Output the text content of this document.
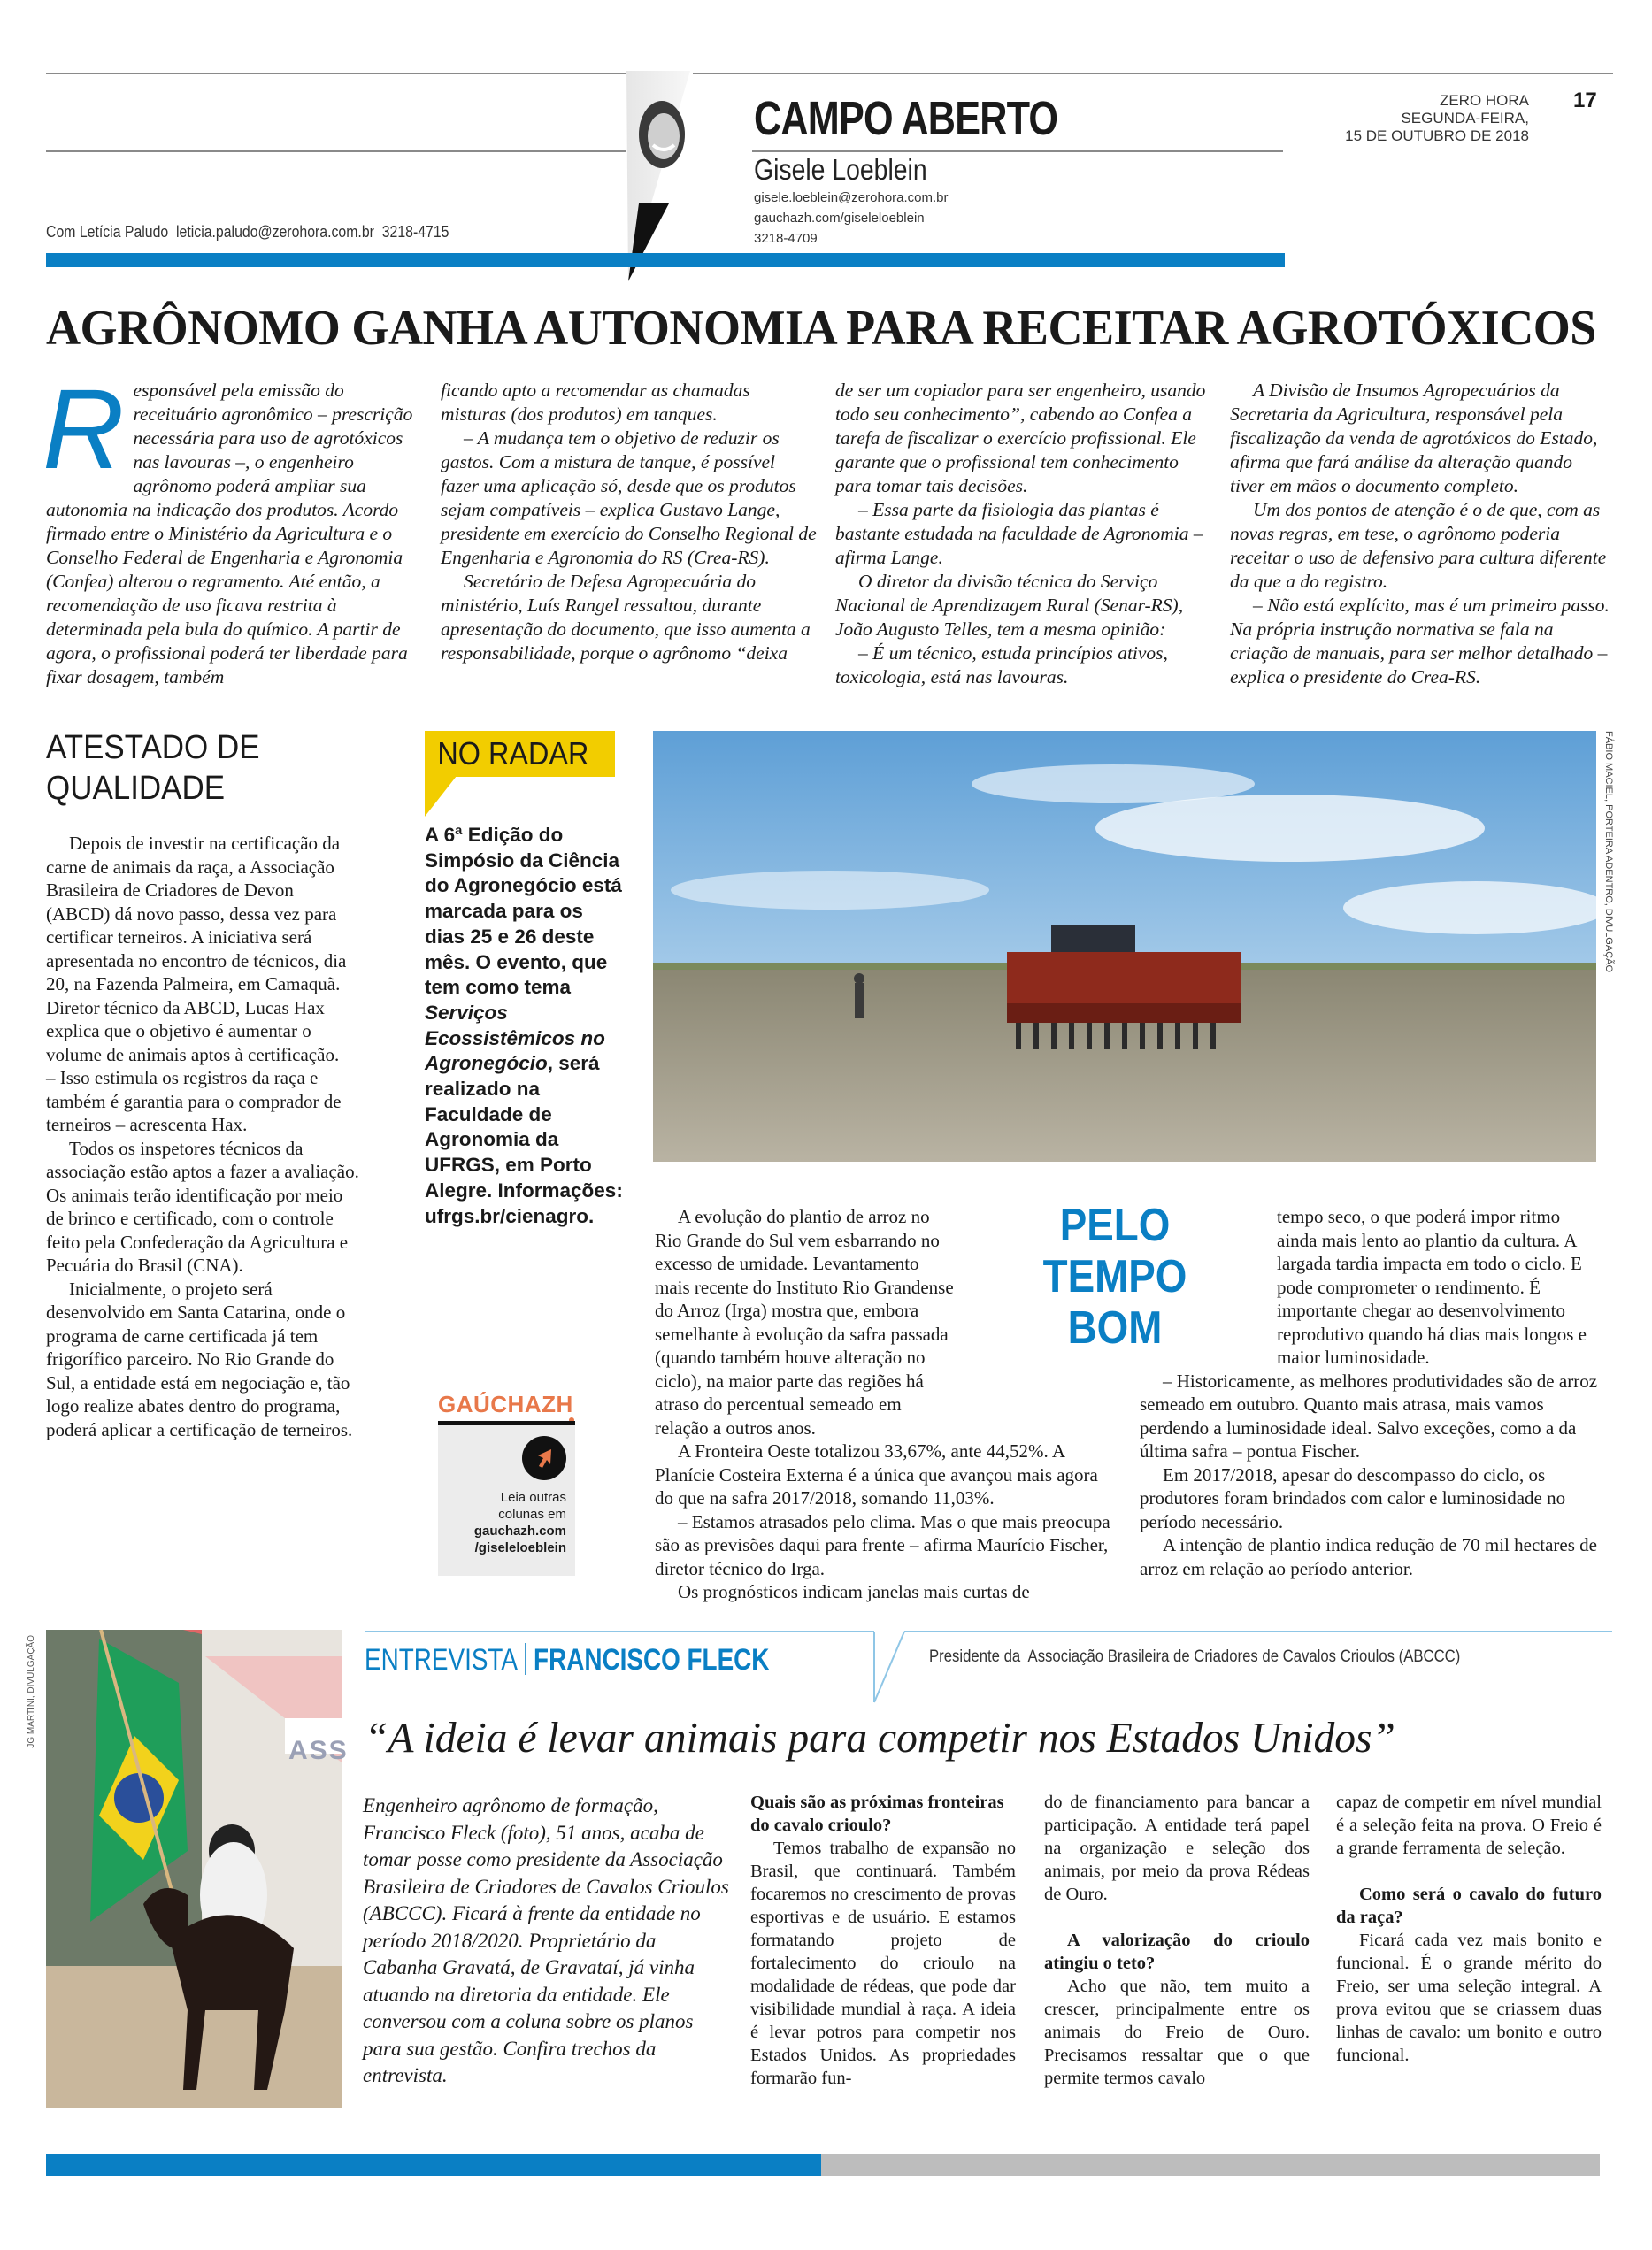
CAMPO ABERTO
Gisele Loeblein
gisele.loeblein@zerohora.com.br
gauchazh.com/giseleloeblein
3218-4709
Com Letícia Paludo  leticia.paludo@zerohora.com.br  3218-4715
ZERO HORA
SEGUNDA-FEIRA,
15 DE OUTUBRO DE 2018
17
AGRÔNOMO GANHA AUTONOMIA PARA RECEITAR AGROTÓXICOS
R esponsável pela emissão do receituário agronômico – prescrição necessária para uso de agrotóxicos nas lavouras –, o engenheiro agrônomo poderá ampliar sua autonomia na indicação dos produtos. Acordo firmado entre o Ministério da Agricultura e o Conselho Federal de Engenharia e Agronomia (Confea) alterou o regramento. Até então, a recomendação de uso ficava restrita à determinada pela bula do químico. A partir de agora, o profissional poderá ter liberdade para fixar dosagem, também

ficando apto a recomendar as chamadas misturas (dos produtos) em tanques.

– A mudança tem o objetivo de reduzir os gastos. Com a mistura de tanque, é possível fazer uma aplicação só, desde que os produtos sejam compatíveis – explica Gustavo Lange, presidente em exercício do Conselho Regional de Engenharia e Agronomia do RS (Crea-RS).

Secretário de Defesa Agropecuária do ministério, Luís Rangel ressaltou, durante apresentação do documento, que isso aumenta a responsabilidade, porque o agrônomo “deixa

de ser um copiador para ser engenheiro, usando todo seu conhecimento”, cabendo ao Confea a tarefa de fiscalizar o exercício profissional. Ele garante que o profissional tem conhecimento para tomar tais decisões.

– Essa parte da fisiologia das plantas é bastante estudada na faculdade de Agronomia – afirma Lange.

O diretor da divisão técnica do Serviço Nacional de Aprendizagem Rural (Senar-RS), João Augusto Telles, tem a mesma opinião:

– É um técnico, estuda princípios ativos, toxicologia, está nas lavouras.

A Divisão de Insumos Agropecuários da Secretaria da Agricultura, responsável pela fiscalização da venda de agrotóxicos do Estado, afirma que fará análise da alteração quando tiver em mãos o documento completo.

Um dos pontos de atenção é o de que, com as novas regras, em tese, o agrônomo poderia receitar o uso de defensivo para cultura diferente da que a do registro.

– Não está explícito, mas é um primeiro passo. Na própria instrução normativa se fala na criação de manuais, para ser melhor detalhado – explica o presidente do Crea-RS.

ATESTADO DE
QUALIDADE

Depois de investir na certificação da carne de animais da raça, a Associação Brasileira de Criadores de Devon (ABCD) dá novo passo, dessa vez para certificar terneiros. A iniciativa será apresentada no encontro de técnicos, dia 20, na Fazenda Palmeira, em Camaquã. Diretor técnico da ABCD, Lucas Hax explica que o objetivo é aumentar o volume de animais aptos à certificação.

– Isso estimula os registros da raça e também é garantia para o comprador de terneiros – acrescenta Hax.

Todos os inspetores técnicos da associação estão aptos a fazer a avaliação. Os animais terão identificação por meio de brinco e certificado, com o controle feito pela Confederação da Agricultura e Pecuária do Brasil (CNA).

Inicialmente, o projeto será desenvolvido em Santa Catarina, onde o programa de carne certificada já tem frigorífico parceiro. No Rio Grande do Sul, a entidade está em negociação e, tão logo realize abates dentro do programa, poderá aplicar a certificação de terneiros.

NO RADAR
A 6ª Edição do Simpósio da Ciência do Agronegócio está marcada para os dias 25 e 26 deste mês. O evento, que tem como tema Serviços Ecossistêmicos no Agronegócio, será realizado na Faculdade de Agronomia da UFRGS, em Porto Alegre. Informações: ufrgs.br/cienagro.
GAÚCHAZH
Leia outras
colunas em
gauchazh.com
/giseleloeblein
FÁBIO MACIEL, PORTEIRA ADENTRO, DIVULGAÇÃO
PELO TEMPO
BOM

A evolução do plantio de arroz no Rio Grande do Sul vem esbarrando no excesso de umidade. Levantamento mais recente do Instituto Rio Grandense do Arroz (Irga) mostra que, embora semelhante à evolução da safra passada (quando também houve alteração no ciclo), na maior parte das regiões há atraso do percentual semeado em relação a outros anos.

A Fronteira Oeste totalizou 33,67%, ante 44,52%. A Planície Costeira Externa é a única que avançou mais agora do que na safra 2017/2018, somando 11,03%.

– Estamos atrasados pelo clima. Mas o que mais preocupa são as previsões daqui para frente – afirma Maurício Fischer, diretor técnico do Irga.

Os prognósticos indicam janelas mais curtas de

tempo seco, o que poderá impor ritmo ainda mais lento ao plantio da cultura. A largada tardia impacta em todo o ciclo. E pode comprometer o rendimento. É importante chegar ao desenvolvimento reprodutivo quando há dias mais longos e maior luminosidade.

– Historicamente, as melhores produtividades são de arroz semeado em outubro. Quanto mais atrasa, mais vamos perdendo a luminosidade ideal. Salvo exceções, como a da última safra – pontua Fischer.

Em 2017/2018, apesar do descompasso do ciclo, os produtores foram brindados com calor e luminosidade no período necessário.

A intenção de plantio indica redução de 70 mil hectares de arroz em relação ao período anterior.

ENTREVISTA FRANCISCO FLECK	Presidente da  Associação Brasileira de Criadores de Cavalos Crioulos (ABCCC)
ASS
JG MARTINI, DIVULGAÇÃO	“A ideia é levar animais para competir nos Estados Unidos”
Engenheiro agrônomo de formação, Francisco Fleck (foto), 51 anos, acaba de tomar posse como presidente da Associação Brasileira de Criadores de Cavalos Crioulos (ABCCC). Ficará à frente da entidade no período 2018/2020. Proprietário da Cabanha Gravatá, de Gravataí, já vinha atuando na diretoria da entidade. Ele conversou com a coluna sobre os planos para sua gestão. Confira trechos da entrevista.

Quais são as próximas fronteiras do cavalo crioulo?

Temos trabalho de expansão no Brasil, que continuará. Também focaremos no crescimento de provas esportivas e de usuário. E estamos formatando projeto de fortalecimento do crioulo na modalidade de rédeas, que pode dar visibilidade mundial à raça. A ideia é levar potros para competir nos Estados Unidos. As propriedades formarão fun-

do de financiamento para bancar a participação. A entidade terá papel na organização e seleção dos animais, por meio da prova Rédeas de Ouro.

A valorização do crioulo atingiu o teto?

Acho que não, tem muito a crescer, principalmente entre os animais do Freio de Ouro. Precisamos ressaltar que o que permite termos cavalo

capaz de competir em nível mundial é a seleção feita na prova. O Freio é a grande ferramenta de seleção.

Como será o cavalo do futuro da raça?

Ficará cada vez mais bonito e funcional. É o grande mérito do Freio, ser uma seleção integral. A prova evitou que se criassem duas linhas de cavalo: um bonito e outro funcional.
